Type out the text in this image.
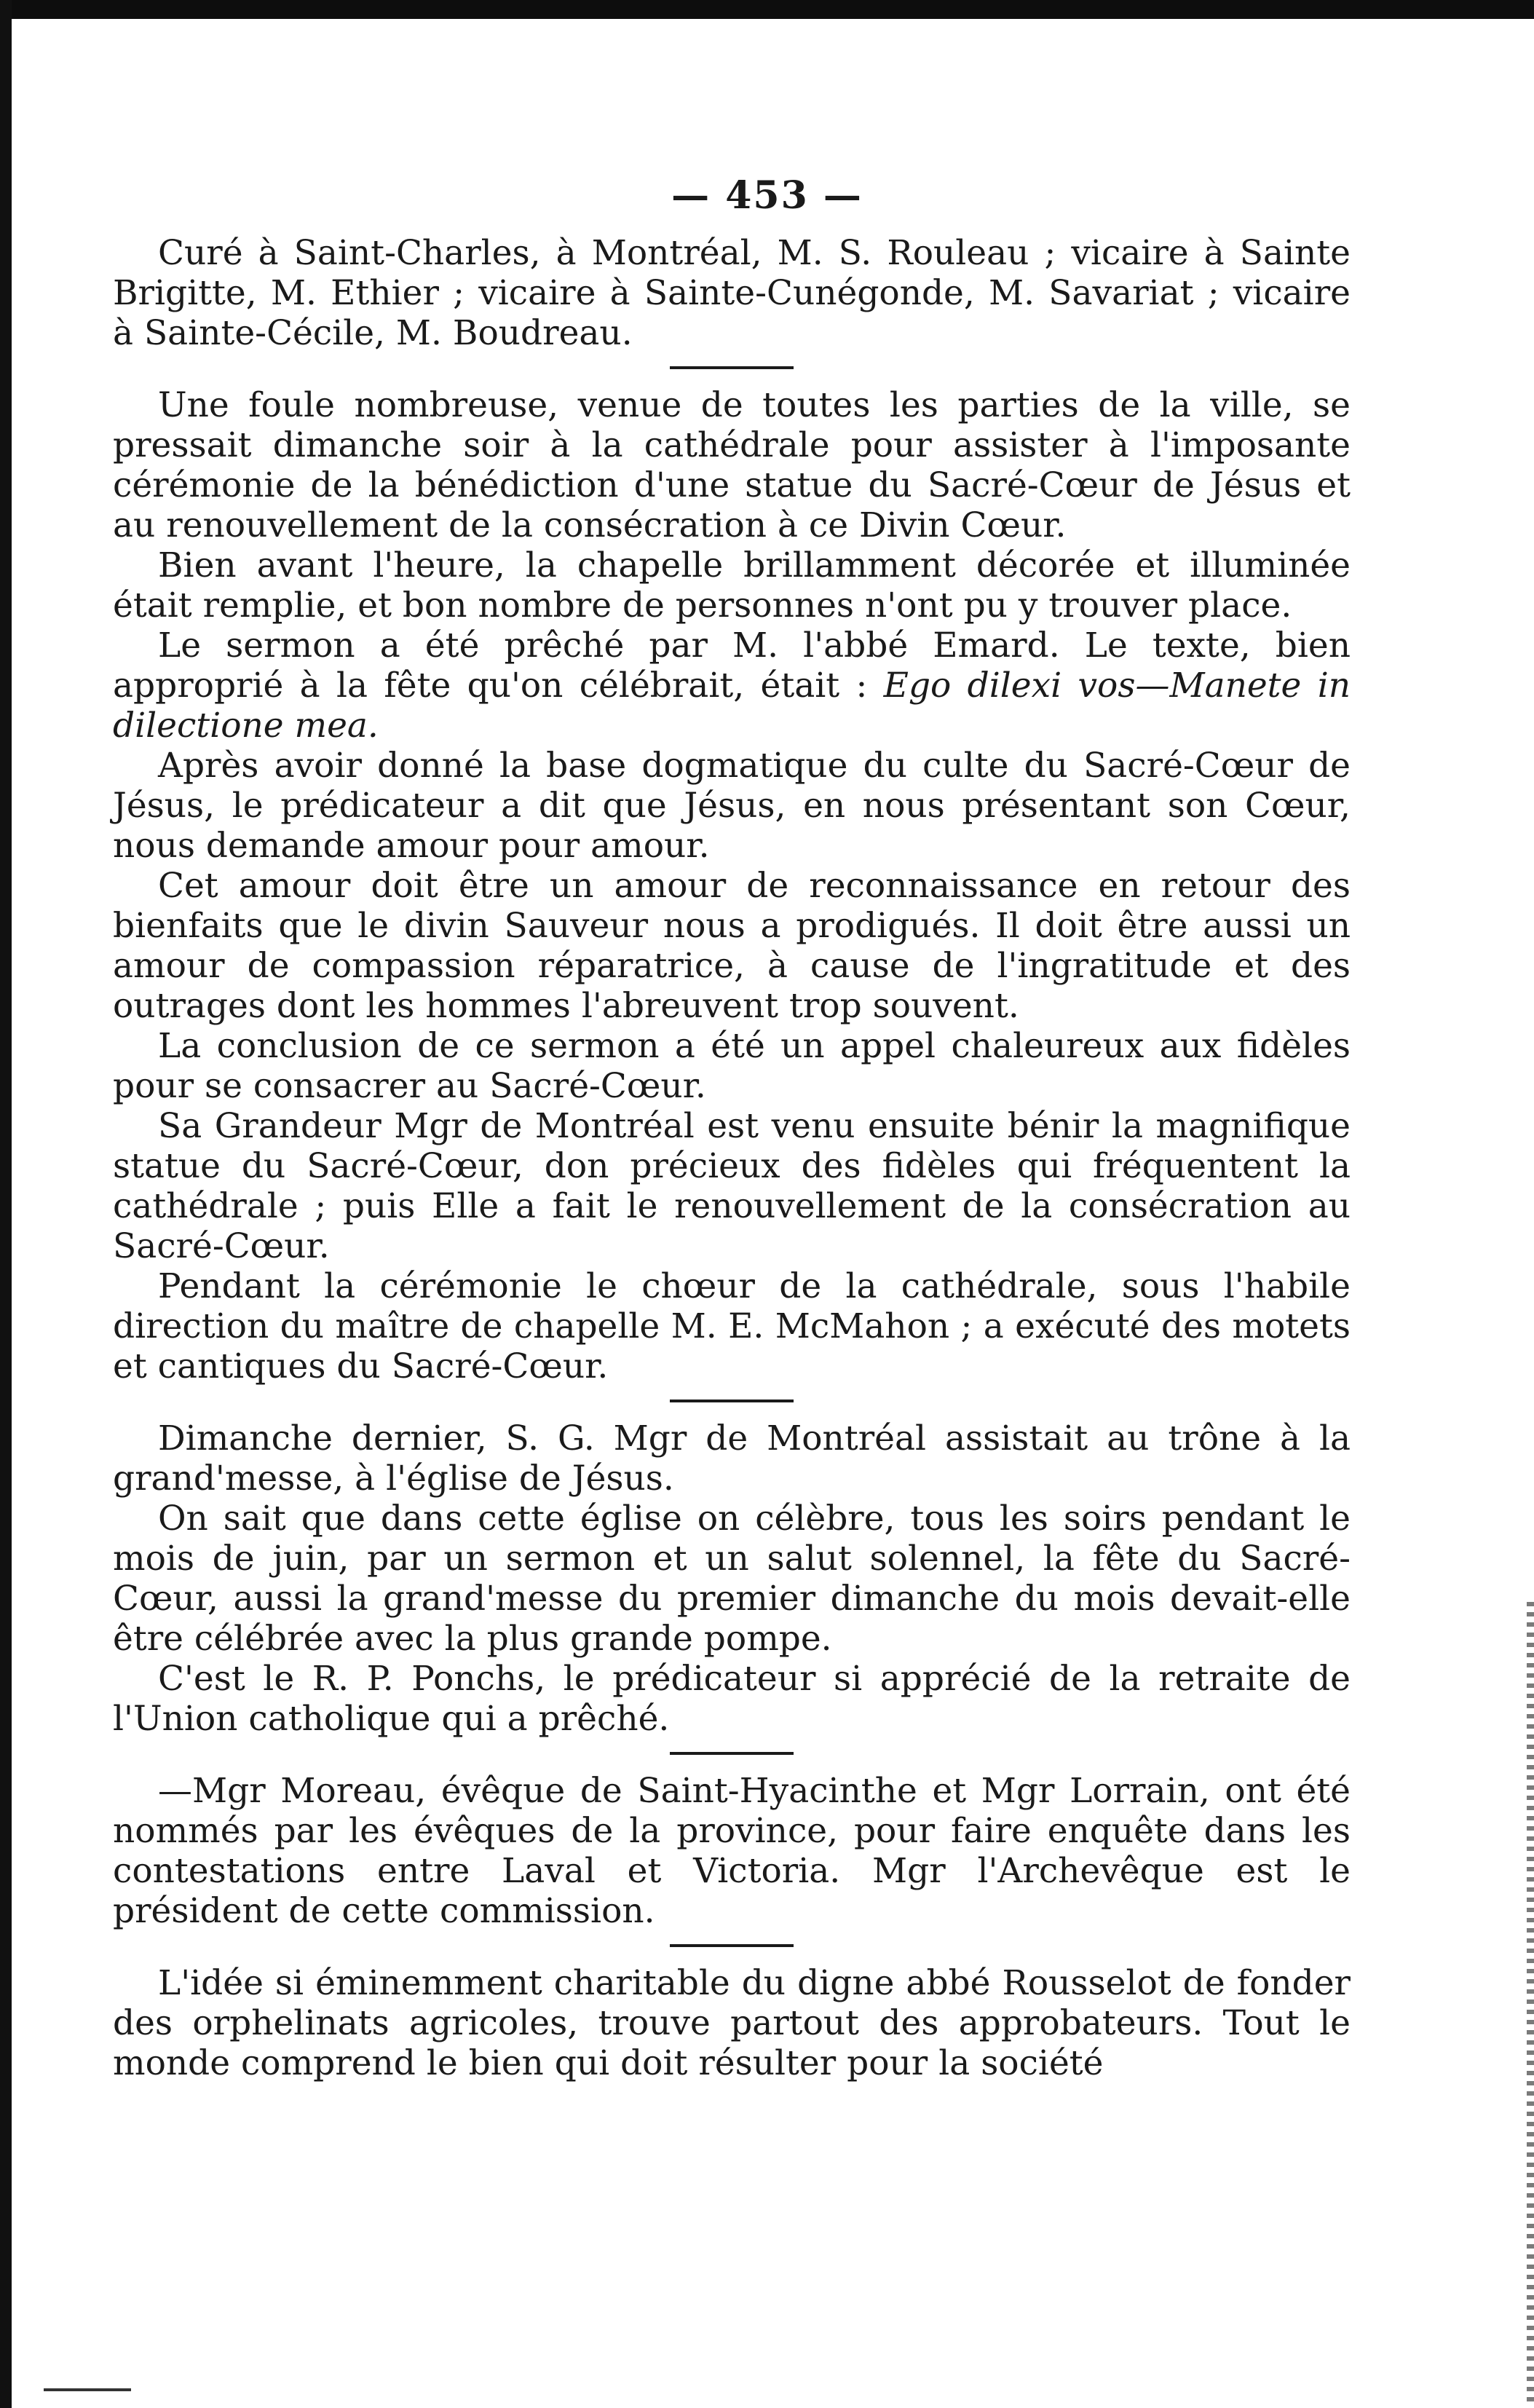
— 453 —

Curé à Saint-Charles, à Montréal, M. S. Rouleau ; vicaire à Sainte Brigitte, M. Ethier ; vicaire à Sainte-Cunégonde, M. Savariat ; vicaire à Sainte-Cécile, M. Boudreau.

Une foule nombreuse, venue de toutes les parties de la ville, se pressait dimanche soir à la cathédrale pour assister à l'imposante cérémonie de la bénédiction d'une statue du Sacré-Cœur de Jésus et au renouvellement de la consécration à ce Divin Cœur.

Bien avant l'heure, la chapelle brillamment décorée et illuminée était remplie, et bon nombre de personnes n'ont pu y trouver place.

Le sermon a été prêché par M. l'abbé Emard. Le texte, bien approprié à la fête qu'on célébrait, était : Ego dilexi vos—Manete in dilectione mea.

Après avoir donné la base dogmatique du culte du Sacré-Cœur de Jésus, le prédicateur a dit que Jésus, en nous présentant son Cœur, nous demande amour pour amour.

Cet amour doit être un amour de reconnaissance en retour des bienfaits que le divin Sauveur nous a prodigués. Il doit être aussi un amour de compassion réparatrice, à cause de l'ingratitude et des outrages dont les hommes l'abreuvent trop souvent.

La conclusion de ce sermon a été un appel chaleureux aux fidèles pour se consacrer au Sacré-Cœur.

Sa Grandeur Mgr de Montréal est venu ensuite bénir la magnifique statue du Sacré-Cœur, don précieux des fidèles qui fréquentent la cathédrale ; puis Elle a fait le renouvellement de la consécration au Sacré-Cœur.

Pendant la cérémonie le chœur de la cathédrale, sous l'habile direction du maître de chapelle M. E. McMahon ; a exécuté des motets et cantiques du Sacré-Cœur.

Dimanche dernier, S. G. Mgr de Montréal assistait au trône à la grand'messe, à l'église de Jésus.

On sait que dans cette église on célèbre, tous les soirs pendant le mois de juin, par un sermon et un salut solennel, la fête du Sacré-Cœur, aussi la grand'messe du premier dimanche du mois devait-elle être célébrée avec la plus grande pompe.

C'est le R. P. Ponchs, le prédicateur si apprécié de la retraite de l'Union catholique qui a prêché.

—Mgr Moreau, évêque de Saint-Hyacinthe et Mgr Lorrain, ont été nommés par les évêques de la province, pour faire enquête dans les contestations entre Laval et Victoria. Mgr l'Archevêque est le président de cette commission.

L'idée si éminemment charitable du digne abbé Rousselot de fonder des orphelinats agricoles, trouve partout des approbateurs. Tout le monde comprend le bien qui doit résulter pour la société
